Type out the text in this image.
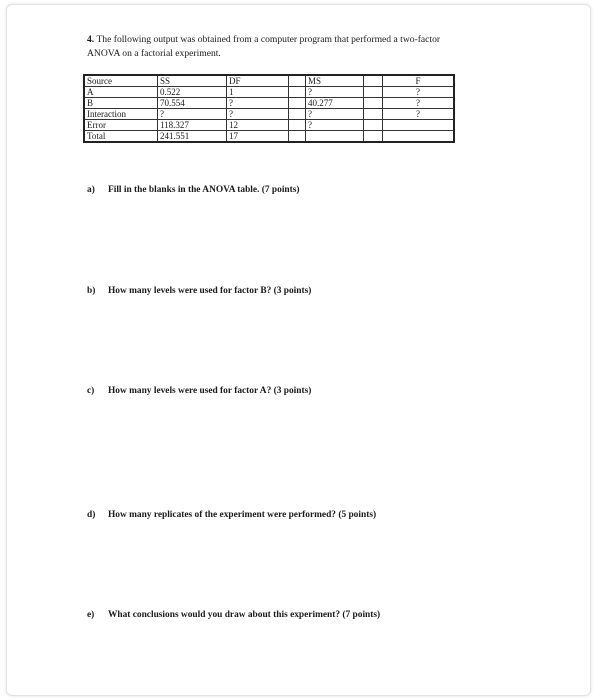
4. The following output was obtained from a computer program that performed a two-factor
ANOVA on a factorial experiment.
Source	SS	DF		MS		F
A	0.522	1		?		?
B	70.554	?		40.277		?
Interaction	?	?		?		?
Error	118.327	12		?		
Total	241.551	17				
a) Fill in the blanks in the ANOVA table. (7 points)
b) How many levels were used for factor B? (3 points)
c) How many levels were used for factor A? (3 points)
d) How many replicates of the experiment were performed? (5 points)
e) What conclusions would you draw about this experiment? (7 points)
